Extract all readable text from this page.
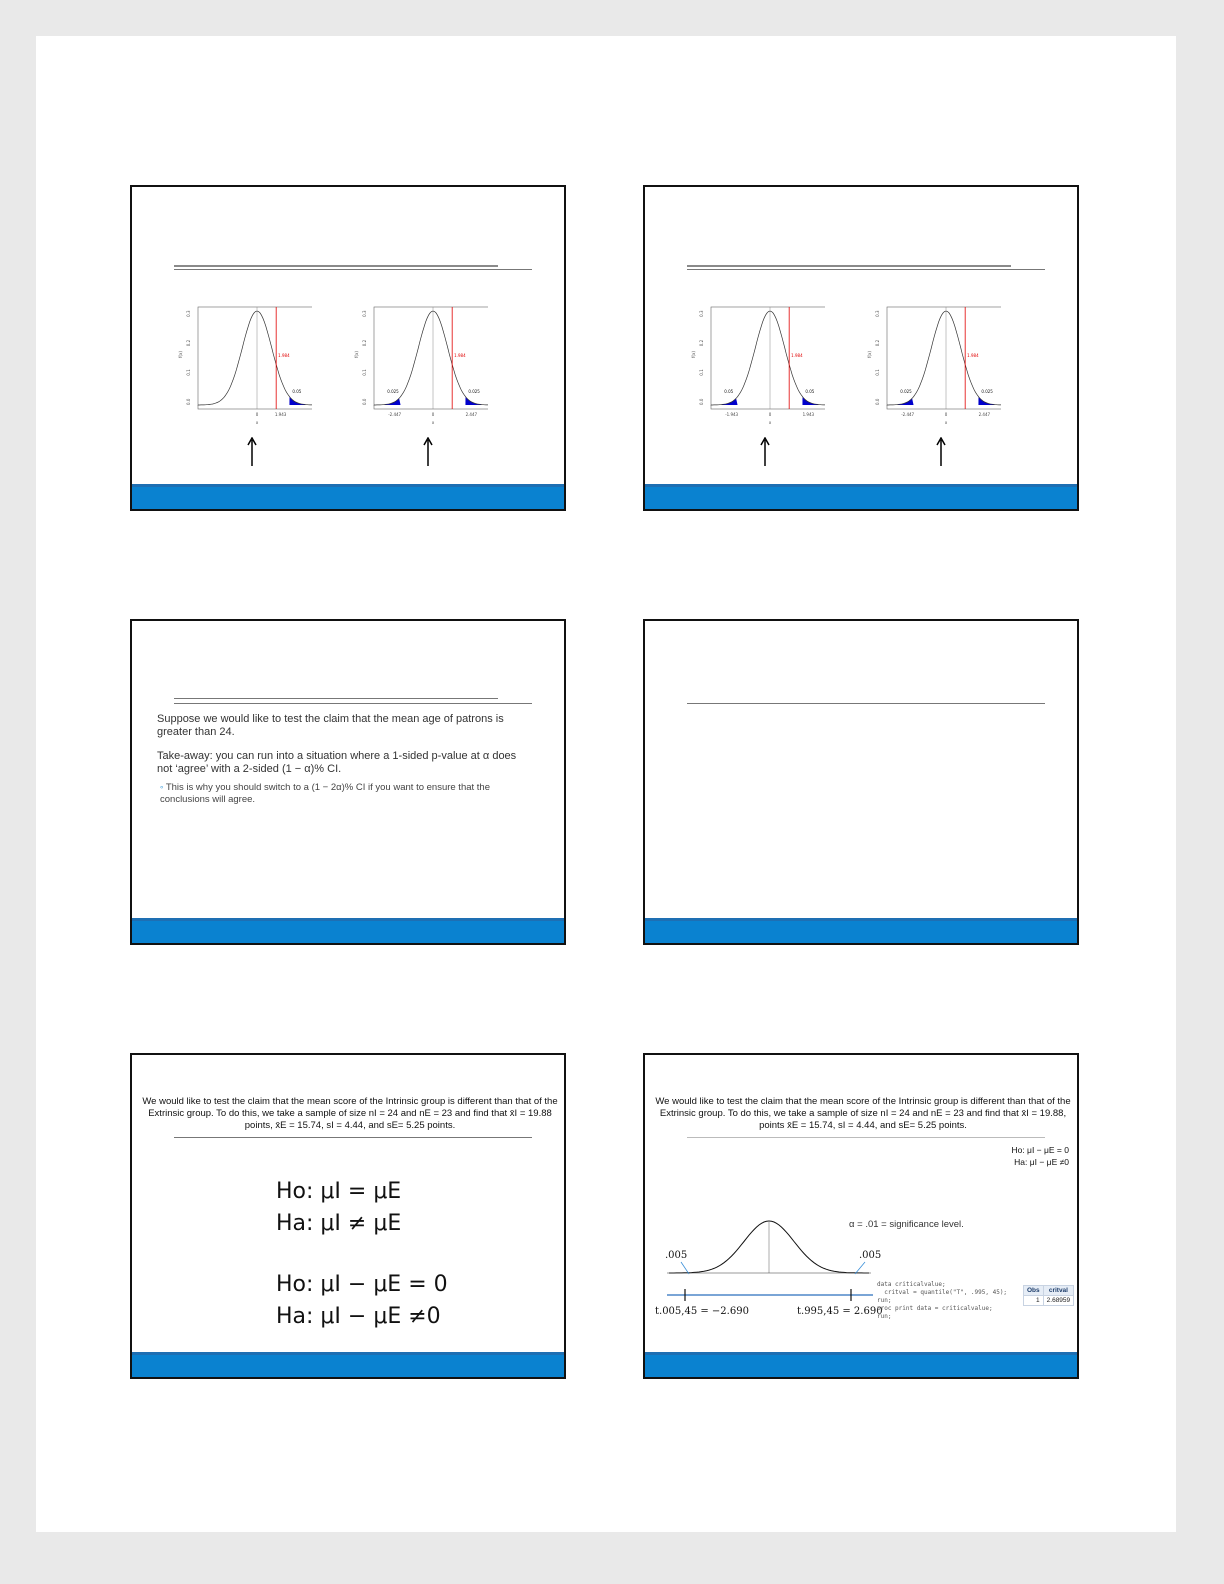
1.984
0.05
0.0
0.1
0.2
0.3
f(x)
0	1.943
x
1.984
0.025
0.025
0.0
0.1
0.2
0.3
f(x)
-2.447	0	2.447
x
1.984
0.05
0.05
0.0
0.1
0.2
0.3
f(x)
-1.943	0	1.943
x
1.984
0.025
0.025
0.0
0.1
0.2
0.3
f(x)
-2.447	0	2.447
x
Suppose we would like to test the claim that the mean age of patrons is greater than 24.
Take-away: you can run into a situation where a 1-sided p-value at α does not ‘agree’ with a 2-sided (1 − α)% CI.
◦ This is why you should switch to a (1 − 2α)% CI if you want to ensure that the conclusions will agree.
We would like to test the claim that the mean score of the Intrinsic group is different than that of the Extrinsic group. To do this, we take a sample of size nI = 24 and nE = 23 and find that x̄I = 19.88 points, x̄E = 15.74, sI = 4.44, and sE= 5.25 points.
Ho: μI = μE
Ha: μI ≠ μE
Ho: μI − μE = 0
Ha: μI − μE ≠0
We would like to test the claim that the mean score of the Intrinsic group is different than that of the Extrinsic group. To do this, we take a sample of size nI = 24 and nE = 23 and find that x̄I = 19.88, points x̄E = 15.74, sI = 4.44, and sE= 5.25 points.
Ho: μI − μE = 0
Ha: μI − μE ≠0
α = .01 = significance level.
.005	.005
t.005,45 = −2.690	t.995,45 = 2.690
data criticalvalue;
critval = quantile("T", .995, 45);
run;
proc print data = criticalvalue;
run;
Obs	critval
1	2.68959
